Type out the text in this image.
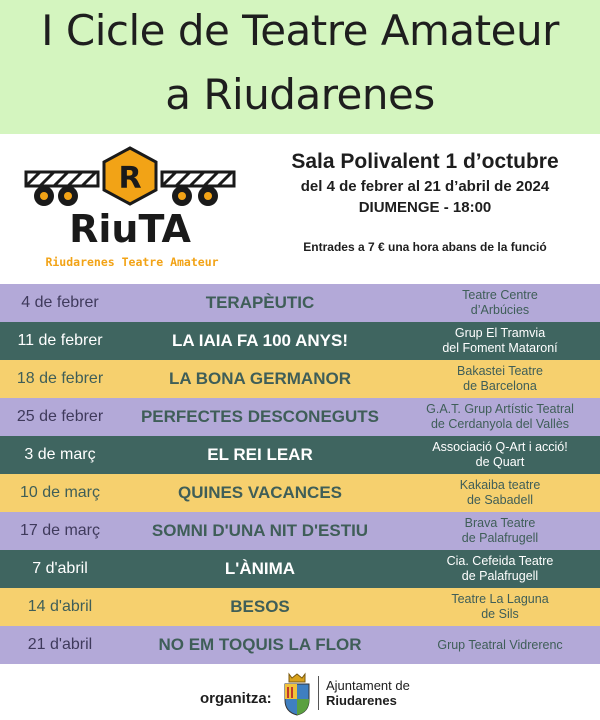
I Cicle de Teatre Amateur
a Riudarenes
R
RiuTA
Riudarenes Teatre Amateur
Sala Polivalent 1 d’octubre
del 4 de febrer al 21 d’abril de 2024
DIUMENGE - 18:00
Entrades a 7 € una hora abans de la funció
4 de febrer	TERAPÈUTIC	Teatre Centre
d’Arbúcies
11 de febrer	LA IAIA FA 100 ANYS!	Grup El Tramvia
del Foment Mataroní
18 de febrer	LA BONA GERMANOR	Bakastei Teatre
de Barcelona
25 de febrer	PERFECTES DESCONEGUTS	G.A.T. Grup Artístic Teatral
de Cerdanyola del Vallès
3 de març	EL REI LEAR	Associació Q-Art i acció!
de Quart
10 de març	QUINES VACANCES	Kakaiba teatre
de Sabadell
17 de març	SOMNI D'UNA NIT D'ESTIU	Brava Teatre
de Palafrugell
7 d'abril	L'ÀNIMA	Cia. Cefeida Teatre
de Palafrugell
14 d'abril	BESOS	Teatre La Laguna
de Sils
21 d'abril	NO EM TOQUIS LA FLOR	Grup Teatral Vidrerenc
organitza:
Ajuntament de
Riudarenes
